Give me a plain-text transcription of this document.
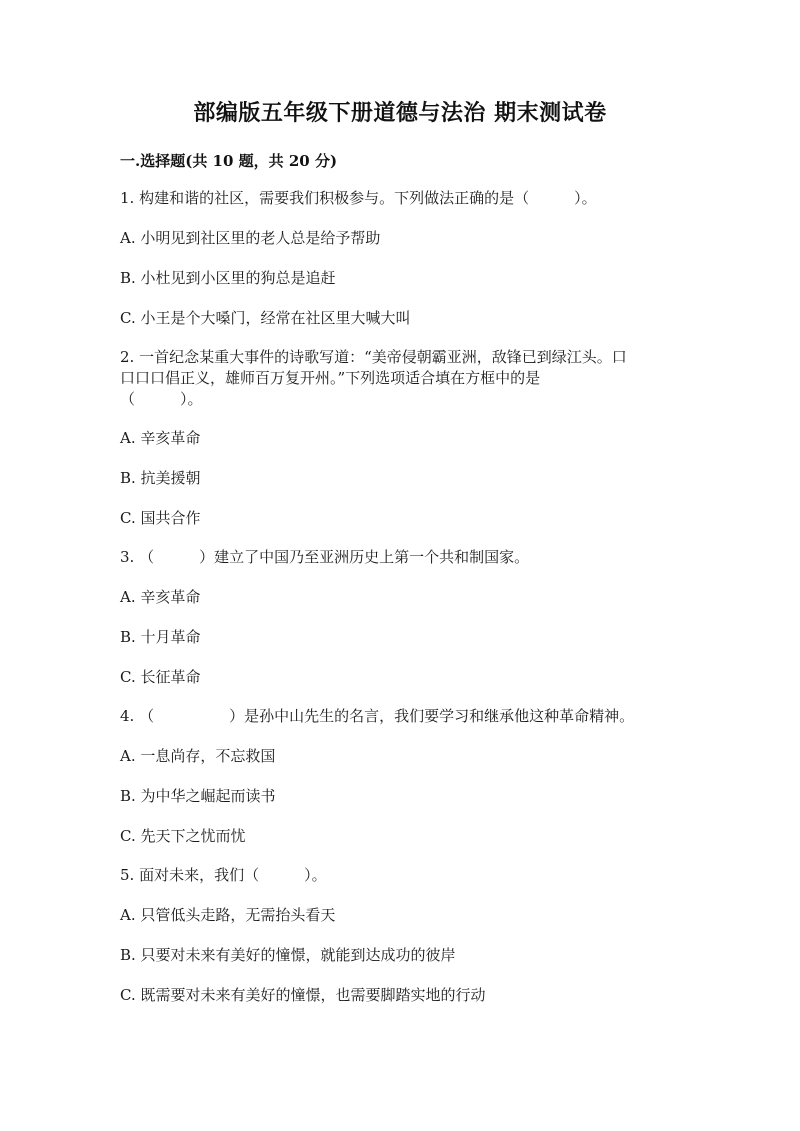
部编版五年级下册道德与法治 期末测试卷
一.选择题(共 10 题，共 20 分)
1. 构建和谐的社区，需要我们积极参与。下列做法正确的是（　　　）。
A. 小明见到社区里的老人总是给予帮助
B. 小杜见到小区里的狗总是追赶
C. 小王是个大嗓门，经常在社区里大喊大叫
2. 一首纪念某重大事件的诗歌写道：“美帝侵朝霸亚洲，敌锋已到绿江头。口
口口口倡正义，雄师百万复开州。”下列选项适合填在方框中的是
（　　　）。
A. 辛亥革命
B. 抗美援朝
C. 国共合作
3. （　　　）建立了中国乃至亚洲历史上第一个共和制国家。
A. 辛亥革命
B. 十月革命
C. 长征革命
4. （　　　　　）是孙中山先生的名言，我们要学习和继承他这种革命精神。
A. 一息尚存，不忘救国
B. 为中华之崛起而读书
C. 先天下之忧而忧
5. 面对未来，我们（　　　）。
A. 只管低头走路，无需抬头看天
B. 只要对未来有美好的憧憬，就能到达成功的彼岸
C. 既需要对未来有美好的憧憬，也需要脚踏实地的行动
